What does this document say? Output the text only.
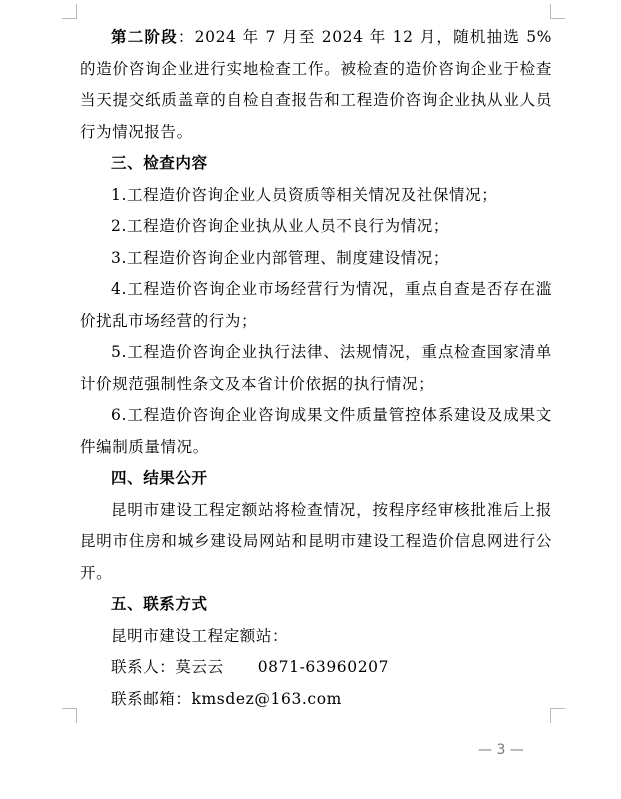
第二阶段：2024 年 7 月至 2024 年 12 月，随机抽选 5%的造价咨询企业进行实地检查工作。被检查的造价咨询企业于检查当天提交纸质盖章的自检自查报告和工程造价咨询企业执从业人员行为情况报告。

三、检查内容

1.工程造价咨询企业人员资质等相关情况及社保情况；

2.工程造价咨询企业执从业人员不良行为情况；

3.工程造价咨询企业内部管理、制度建设情况；

4.工程造价咨询企业市场经营行为情况，重点自查是否存在滥价扰乱市场经营的行为；

5.工程造价咨询企业执行法律、法规情况，重点检查国家清单计价规范强制性条文及本省计价依据的执行情况；

6.工程造价咨询企业咨询成果文件质量管控体系建设及成果文件编制质量情况。

四、结果公开

昆明市建设工程定额站将检查情况，按程序经审核批准后上报昆明市住房和城乡建设局网站和昆明市建设工程造价信息网进行公开。

五、联系方式

昆明市建设工程定额站：

联系人：莫云云 0871-63960207

联系邮箱：kmsdez@163.com

— 3 —
